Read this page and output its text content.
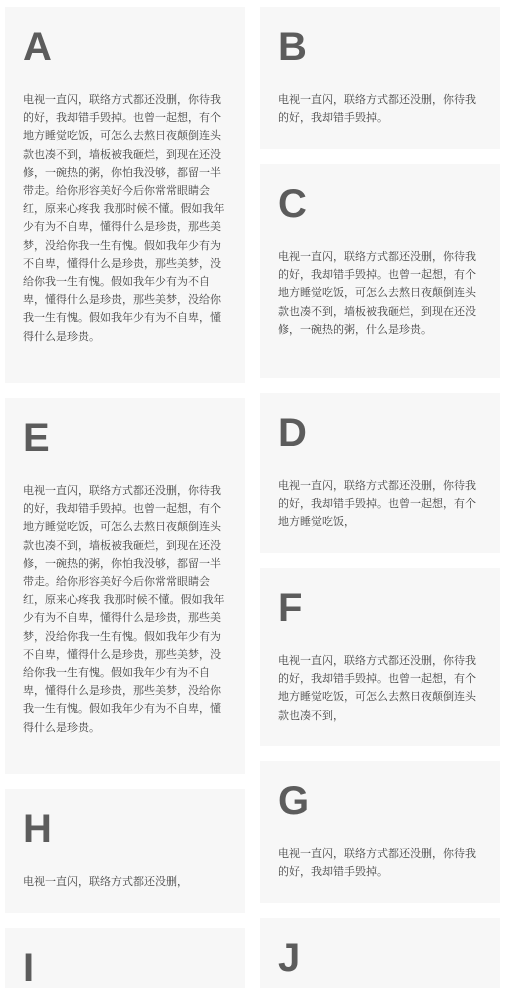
A
电视一直闪，联络方式都还没删，你待我的好，我却错手毁掉。也曾一起想，有个地方睡觉吃饭，可怎么去熬日夜颠倒连头款也凑不到，墙板被我砸烂，到现在还没修，一碗热的粥，你怕我没够，都留一半带走。给你形容美好今后你常常眼睛会红，原来心疼我 我那时候不懂。假如我年少有为不自卑，懂得什么是珍贵，那些美梦，没给你我一生有愧。假如我年少有为不自卑，懂得什么是珍贵，那些美梦，没给你我一生有愧。假如我年少有为不自卑，懂得什么是珍贵，那些美梦，没给你我一生有愧。假如我年少有为不自卑，懂得什么是珍贵。
E
电视一直闪，联络方式都还没删，你待我的好，我却错手毁掉。也曾一起想，有个地方睡觉吃饭，可怎么去熬日夜颠倒连头款也凑不到，墙板被我砸烂，到现在还没修，一碗热的粥，你怕我没够，都留一半带走。给你形容美好今后你常常眼睛会红，原来心疼我 我那时候不懂。假如我年少有为不自卑，懂得什么是珍贵，那些美梦，没给你我一生有愧。假如我年少有为不自卑，懂得什么是珍贵，那些美梦，没给你我一生有愧。假如我年少有为不自卑，懂得什么是珍贵，那些美梦，没给你我一生有愧。假如我年少有为不自卑，懂得什么是珍贵。
H
电视一直闪，联络方式都还没删，
I
B
电视一直闪，联络方式都还没删，你待我的好，我却错手毁掉。
C
电视一直闪，联络方式都还没删，你待我的好，我却错手毁掉。也曾一起想，有个地方睡觉吃饭，可怎么去熬日夜颠倒连头款也凑不到，墙板被我砸烂，到现在还没修，一碗热的粥，什么是珍贵。
D
电视一直闪，联络方式都还没删，你待我的好，我却错手毁掉。也曾一起想，有个地方睡觉吃饭，
F
电视一直闪，联络方式都还没删，你待我的好，我却错手毁掉。也曾一起想，有个地方睡觉吃饭，可怎么去熬日夜颠倒连头款也凑不到，
G
电视一直闪，联络方式都还没删，你待我的好，我却错手毁掉。
J
